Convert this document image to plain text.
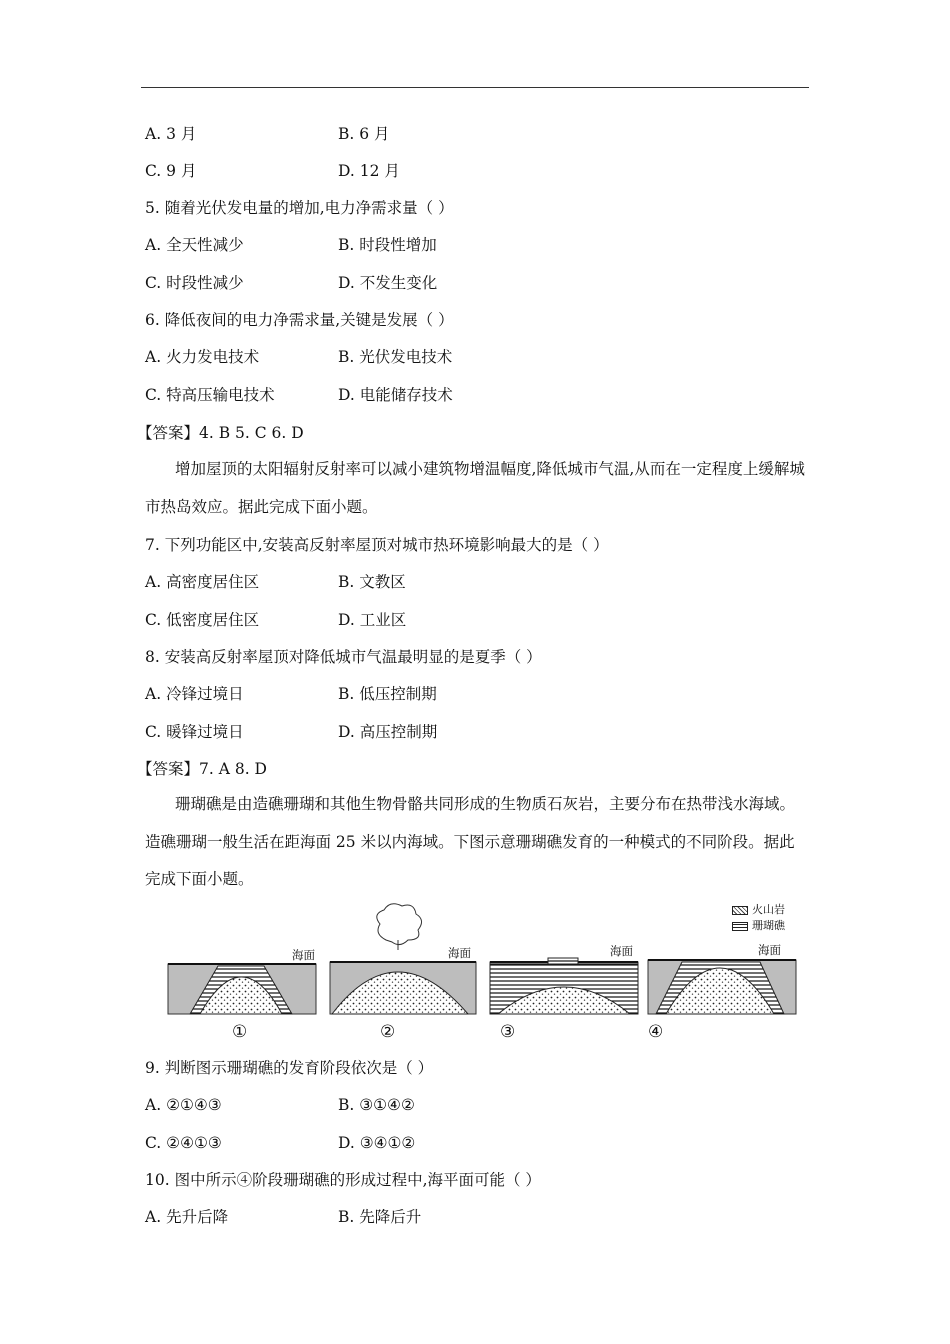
A. 3 月	B. 6 月
C. 9 月	D. 12 月
5. 随着光伏发电量的增加,电力净需求量（ ）
A. 全天性减少	B. 时段性增加
C. 时段性减少	D. 不发生变化
6. 降低夜间的电力净需求量,关键是发展（ ）
A. 火力发电技术	B. 光伏发电技术
C. 特高压输电技术	D. 电能储存技术
【答案】4. B 5. C 6. D
增加屋顶的太阳辐射反射率可以减小建筑物增温幅度,降低城市气温,从而在一定程度上缓解城市热岛效应。据此完成下面小题。
7. 下列功能区中,安装高反射率屋顶对城市热环境影响最大的是（ ）
A. 高密度居住区	B. 文教区
C. 低密度居住区	D. 工业区
8. 安装高反射率屋顶对降低城市气温最明显的是夏季（ ）
A. 冷锋过境日	B. 低压控制期
C. 暖锋过境日	D. 高压控制期
【答案】7. A 8. D
珊瑚礁是由造礁珊瑚和其他生物骨骼共同形成的生物质石灰岩，主要分布在热带浅水海域。造礁珊瑚一般生活在距海面 25 米以内海域。下图示意珊瑚礁发育的一种模式的不同阶段。据此完成下面小题。
火山岩
珊瑚礁
海面	海面	海面	海面
①	②	③	④
9. 判断图示珊瑚礁的发育阶段依次是（ ）
A. ②①④③	B. ③①④②
C. ②④①③	D. ③④①②
10. 图中所示④阶段珊瑚礁的形成过程中,海平面可能（ ）
A. 先升后降	B. 先降后升
